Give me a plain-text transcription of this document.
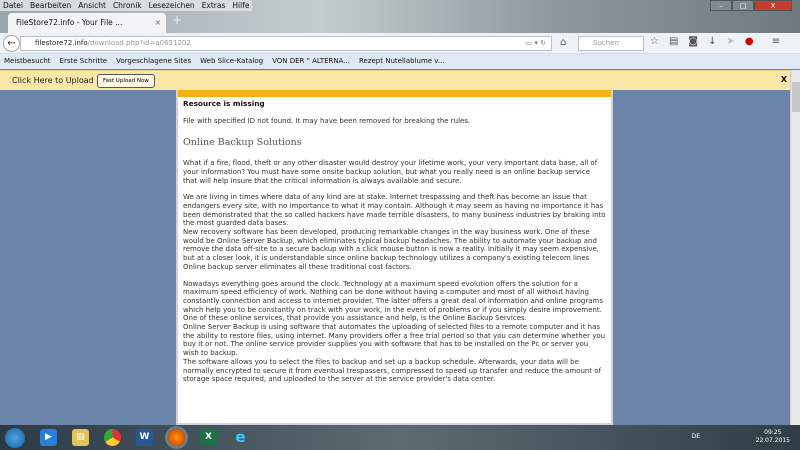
Datei Bearbeiten Ansicht Chronik Lesezeichen Extras Hilfe
FileStore72.info - Your File ...	× +
–	□	X
←	filestore72.info/download.php?id=a0651202	▭ ▾ ↻ ⌂	Suchen	☆ ▤ ◙ ↓ ➤ ● ≡
Meistbesucht Erste Schritte Vorgeschlagene Sites Web Slice-Katalog VON DER " ALTERNA... Rezept Nutellablume v...
Click Here to Upload	Fast Upload Now	X
Resource is missing

File with specified ID not found. It may have been removed for breaking the rules.

Online Backup Solutions

What if a fire, flood, theft or any other disaster would destroy your lifetime work, your very important data base, all of your information? You must have some onsite backup solution, but what you really need is an online backup service that will help insure that the critical information is always available and secure.

We are living in times where data of any kind are at stake. Internet trespassing and theft has become an issue that endangers every site, with no importance to what it may contain. Although it may seem as having no importance it has been demonstrated that the so called hackers have made terrible disasters, to many business industries by braking into the most guarded data bases.

New recovery software has been developed, producing remarkable changes in the way business work. One of these would be Online Server Backup, which eliminates typical backup headaches. The ability to automate your backup and remove the data off-site to a secure backup with a click mouse button is now a reality. Initially it may seem expensive, but at a closer look, it is understandable since online backup technology utilizes a company's existing telecom lines Online backup server eliminates all these traditional cost factors.

Nowadays everything goes around the clock. Technology at a maximum speed evolution offers the solution for a maximum speed efficiency of work. Nothing can be done without having a computer and most of all without having constantly connection and access to internet provider. The latter offers a great deal of information and online programs which help you to be constantly on track with your work, in the event of problems or if you simply desire improvement. One of these online services, that provide you assistance and help, is the Online Backup Services.

Online Server Backup is using software that automates the uploading of selected files to a remote computer and it has the ability to restore files, using internet. Many providers offer a free trial period so that you can determine whether you buy it or not. The online service provider supplies you with software that has to be installed on the Pc or server you wish to backup.

The software allows you to select the files to backup and set up a backup schedule. Afterwards, your data will be normally encrypted to secure it from eventual trespassers, compressed to speed up transfer and reduce the amount of storage space required, and uploaded to the server at the service provider's data center.

▶	▤	W	X	e	DE
09:25
22.07.2015
